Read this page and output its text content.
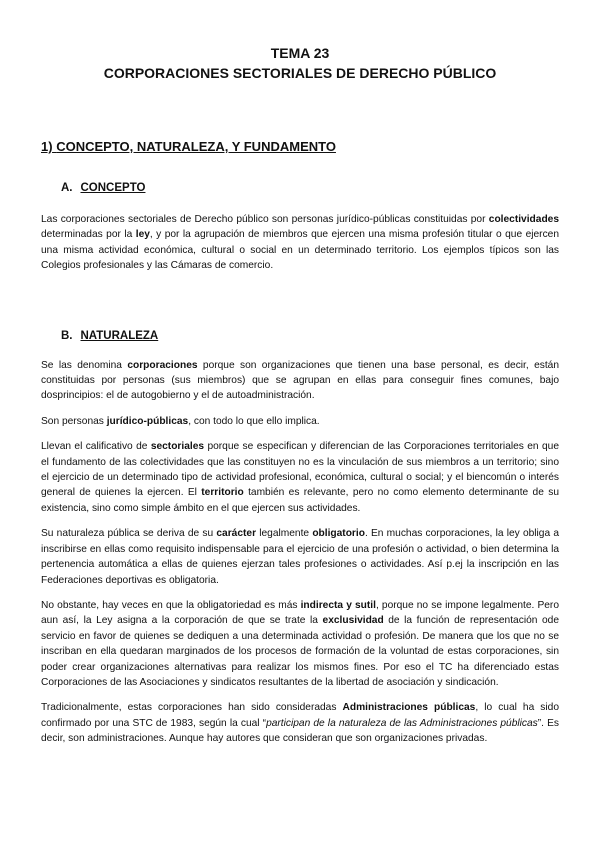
TEMA 23
CORPORACIONES SECTORIALES DE DERECHO PÚBLICO
1) CONCEPTO, NATURALEZA, Y FUNDAMENTO
A. CONCEPTO

Las corporaciones sectoriales de Derecho público son personas jurídico-públicas constituidas por colectividades determinadas por la ley, y por la agrupación de miembros que ejercen una misma profesión titular o que ejercen una misma actividad económica, cultural o social en un determinado territorio. Los ejemplos típicos son las Colegios profesionales y las Cámaras de comercio.

B. NATURALEZA

Se las denomina corporaciones porque son organizaciones que tienen una base personal, es decir, están constituidas por personas (sus miembros) que se agrupan en ellas para conseguir fines comunes, bajo dosprincipios: el de autogobierno y el de autoadministración.

Son personas jurídico-públicas, con todo lo que ello implica.

Llevan el calificativo de sectoriales porque se especifican y diferencian de las Corporaciones territoriales en que el fundamento de las colectividades que las constituyen no es la vinculación de sus miembros a un territorio; sino el ejercicio de un determinado tipo de actividad profesional, económica, cultural o social; y el biencomún o interés general de quienes la ejercen. El territorio también es relevante, pero no como elemento determinante de su existencia, sino como simple ámbito en el que ejercen sus actividades.

Su naturaleza pública se deriva de su carácter legalmente obligatorio. En muchas corporaciones, la ley obliga a inscribirse en ellas como requisito indispensable para el ejercicio de una profesión o actividad, o bien determina la pertenencia automática a ellas de quienes ejerzan tales profesiones o actividades. Así p.ej la inscripción en las Federaciones deportivas es obligatoria.

No obstante, hay veces en que la obligatoriedad es más indirecta y sutil, porque no se impone legalmente. Pero aun así, la Ley asigna a la corporación de que se trate la exclusividad de la función de representación ode servicio en favor de quienes se dediquen a una determinada actividad o profesión. De manera que los que no se inscriban en ella quedaran marginados de los procesos de formación de la voluntad de estas corporaciones, sin poder crear organizaciones alternativas para realizar los mismos fines. Por eso el TC ha diferenciado estas Corporaciones de las Asociaciones y sindicatos resultantes de la libertad de asociación y sindicación.

Tradicionalmente, estas corporaciones han sido consideradas Administraciones públicas, lo cual ha sido confirmado por una STC de 1983, según la cual “participan de la naturaleza de las Administraciones públicas”. Es decir, son administraciones. Aunque hay autores que consideran que son organizaciones privadas.
